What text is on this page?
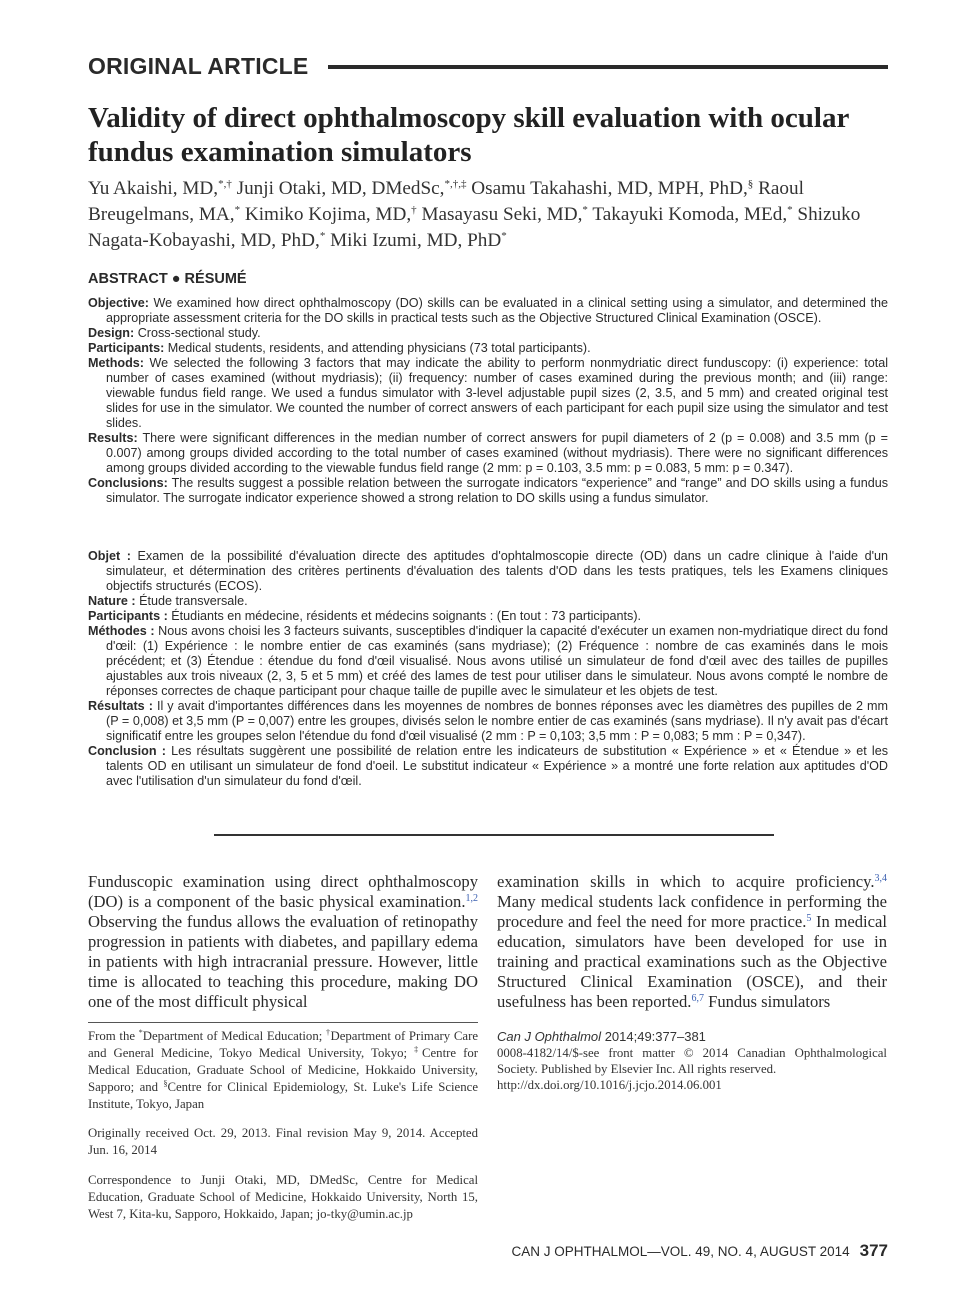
ORIGINAL ARTICLE
Validity of direct ophthalmoscopy skill evaluation with ocular fundus examination simulators
Yu Akaishi, MD,*,† Junji Otaki, MD, DMedSc,*,†,‡ Osamu Takahashi, MD, MPH, PhD,§ Raoul Breugelmans, MA,* Kimiko Kojima, MD,† Masayasu Seki, MD,* Takayuki Komoda, MEd,* Shizuko Nagata-Kobayashi, MD, PhD,* Miki Izumi, MD, PhD*
ABSTRACT ● RÉSUMÉ

Objective: We examined how direct ophthalmoscopy (DO) skills can be evaluated in a clinical setting using a simulator, and determined the appropriate assessment criteria for the DO skills in practical tests such as the Objective Structured Clinical Examination (OSCE).

Design: Cross-sectional study.

Participants: Medical students, residents, and attending physicians (73 total participants).

Methods: We selected the following 3 factors that may indicate the ability to perform nonmydriatic direct funduscopy: (i) experience: total number of cases examined (without mydriasis); (ii) frequency: number of cases examined during the previous month; and (iii) range: viewable fundus field range. We used a fundus simulator with 3-level adjustable pupil sizes (2, 3.5, and 5 mm) and created original test slides for use in the simulator. We counted the number of correct answers of each participant for each pupil size using the simulator and test slides.

Results: There were significant differences in the median number of correct answers for pupil diameters of 2 (p = 0.008) and 3.5 mm (p = 0.007) among groups divided according to the total number of cases examined (without mydriasis). There were no significant differences among groups divided according to the viewable fundus field range (2 mm: p = 0.103, 3.5 mm: p = 0.083, 5 mm: p = 0.347).

Conclusions: The results suggest a possible relation between the surrogate indicators “experience” and “range” and DO skills using a fundus simulator. The surrogate indicator experience showed a strong relation to DO skills using a fundus simulator.

Objet : Examen de la possibilité d'évaluation directe des aptitudes d'ophtalmoscopie directe (OD) dans un cadre clinique à l'aide d'un simulateur, et détermination des critères pertinents d'évaluation des talents d'OD dans les tests pratiques, tels les Examens cliniques objectifs structurés (ECOS).

Nature : Étude transversale.

Participants : Étudiants en médecine, résidents et médecins soignants : (En tout : 73 participants).

Méthodes : Nous avons choisi les 3 facteurs suivants, susceptibles d'indiquer la capacité d'exécuter un examen non-mydriatique direct du fond d'œil: (1) Expérience : le nombre entier de cas examinés (sans mydriase); (2) Fréquence : nombre de cas examinés dans le mois précédent; et (3) Étendue : étendue du fond d'œil visualisé. Nous avons utilisé un simulateur de fond d'œil avec des tailles de pupilles ajustables aux trois niveaux (2, 3, 5 et 5 mm) et créé des lames de test pour utiliser dans le simulateur. Nous avons compté le nombre de réponses correctes de chaque participant pour chaque taille de pupille avec le simulateur et les objets de test.

Résultats : Il y avait d'importantes différences dans les moyennes de nombres de bonnes réponses avec les diamètres des pupilles de 2 mm (P = 0,008) et 3,5 mm (P = 0,007) entre les groupes, divisés selon le nombre entier de cas examinés (sans mydriase). Il n'y avait pas d'écart significatif entre les groupes selon l'étendue du fond d'œil visualisé (2 mm : P = 0,103; 3,5 mm : P = 0,083; 5 mm : P = 0,347).

Conclusion : Les résultats suggèrent une possibilité de relation entre les indicateurs de substitution « Expérience » et « Étendue » et les talents OD en utilisant un simulateur de fond d'oeil. Le substitut indicateur « Expérience » a montré une forte relation aux aptitudes d'OD avec l'utilisation d'un simulateur du fond d'œil.

Funduscopic examination using direct ophthalmoscopy (DO) is a component of the basic physical examination.$^{1,2}$ Observing the fundus allows the evaluation of retinopathy progression in patients with diabetes, and papillary edema in patients with high intracranial pressure. However, little time is allocated to teaching this procedure, making DO one of the most difficult physical

examination skills in which to acquire proficiency.$^{3,4}$ Many medical students lack confidence in performing the procedure and feel the need for more practice.$^5$ In medical education, simulators have been developed for use in training and practical examinations such as the Objective Structured Clinical Examination (OSCE), and their usefulness has been reported.$^{6,7}$ Fundus simulators

From the *Department of Medical Education; †Department of Primary Care and General Medicine, Tokyo Medical University, Tokyo; ‡Centre for Medical Education, Graduate School of Medicine, Hokkaido University, Sapporo; and §Centre for Clinical Epidemiology, St. Luke's Life Science Institute, Tokyo, Japan

Originally received Oct. 29, 2013. Final revision May 9, 2014. Accepted Jun. 16, 2014

Correspondence to Junji Otaki, MD, DMedSc, Centre for Medical Education, Graduate School of Medicine, Hokkaido University, North 15, West 7, Kita-ku, Sapporo, Hokkaido, Japan; jo-tky@umin.ac.jp

Can J Ophthalmol 2014;49:377–381
0008-4182/14/$-see front matter © 2014 Canadian Ophthalmological Society. Published by Elsevier Inc. All rights reserved.
http://dx.doi.org/10.1016/j.jcjo.2014.06.001
CAN J OPHTHALMOL—VOL. 49, NO. 4, AUGUST 2014 377
